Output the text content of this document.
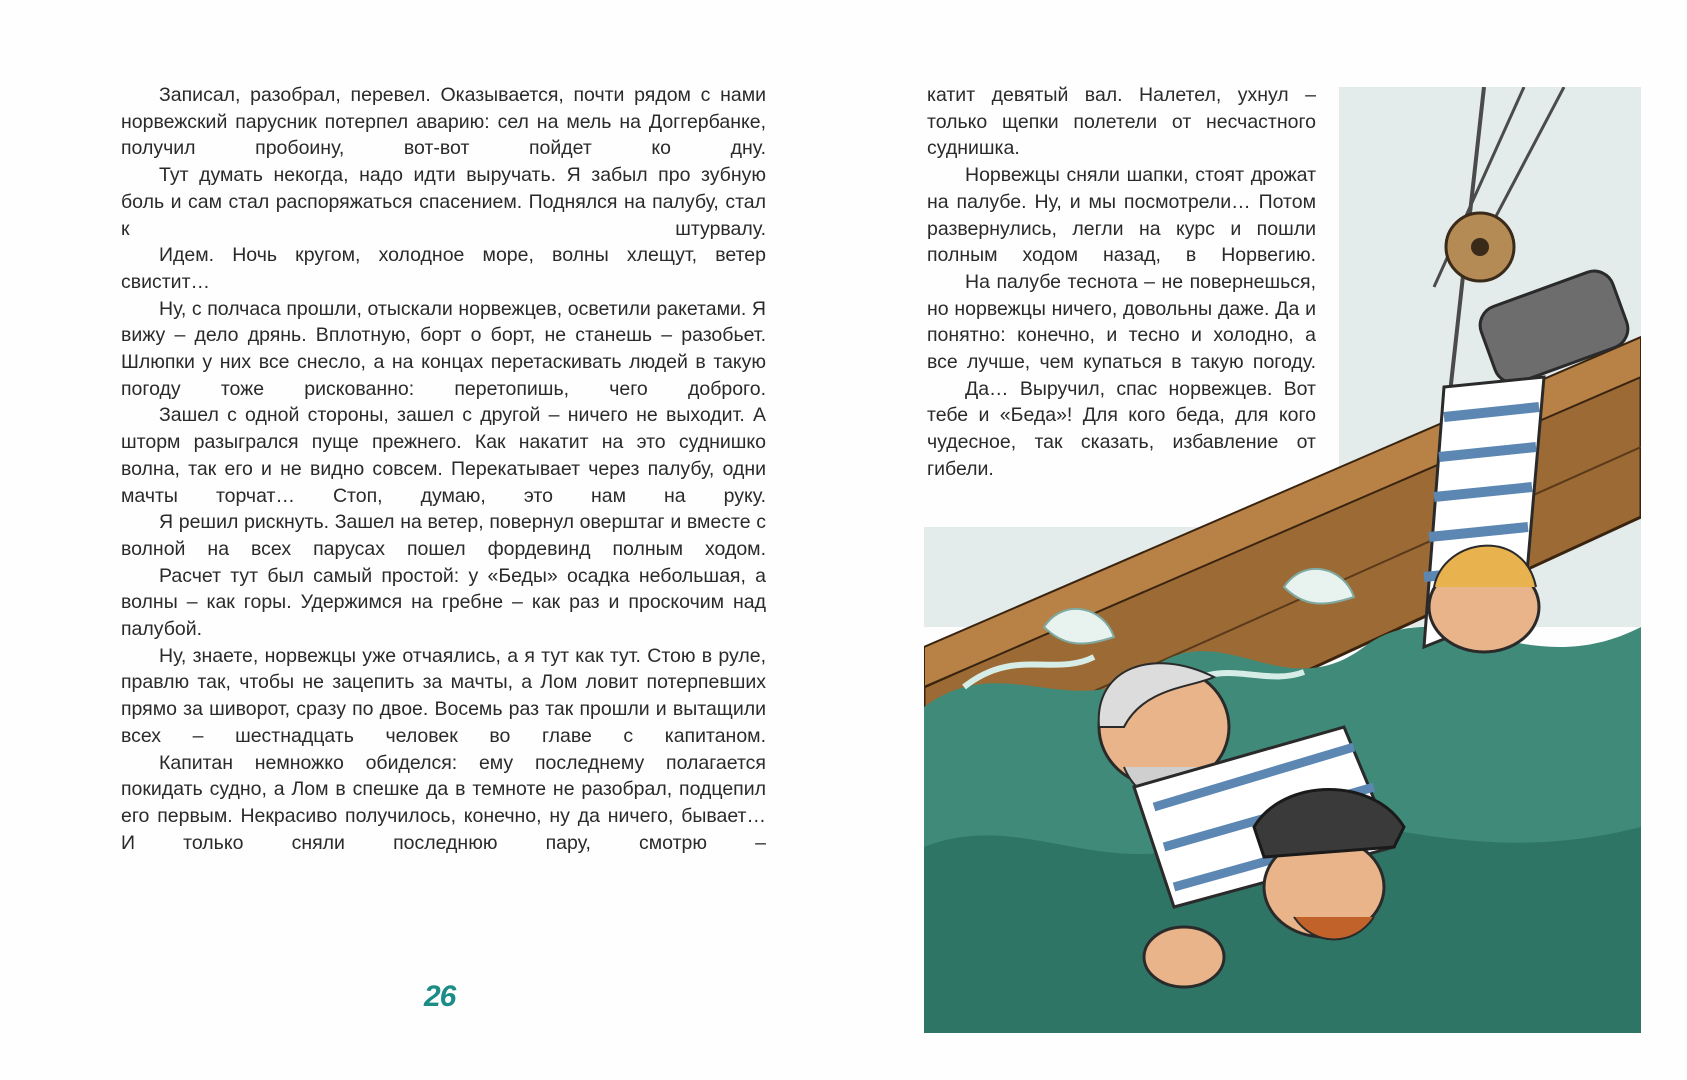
Записал, разобрал, перевел. Оказывается, почти рядом с нами норвежский парусник потерпел аварию: сел на мель на Доггербанке, получил пробоину, вот-вот пойдет ко дну.

Тут думать некогда, надо идти выручать. Я забыл про зубную боль и сам стал распоряжаться спасением. Поднялся на палубу, стал к штурвалу.

Идем. Ночь кругом, холодное море, волны хлещут, ветер свистит…

Ну, с полчаса прошли, отыскали норвежцев, осветили ракетами. Я вижу – дело дрянь. Вплотную, борт о борт, не станешь – разобьет. Шлюпки у них все снесло, а на концах перетаскивать людей в такую погоду тоже рискованно: перетопишь, чего доброго.

Зашел с одной стороны, зашел с другой – ничего не выходит. А шторм разыгрался пуще прежнего. Как накатит на это суднишко волна, так его и не видно совсем. Перекатывает через палубу, одни мачты торчат… Стоп, думаю, это нам на руку.

Я решил рискнуть. Зашел на ветер, повернул оверштаг и вместе с волной на всех парусах пошел фордевинд полным ходом.

Расчет тут был самый простой: у «Беды» осадка небольшая, а волны – как горы. Удержимся на гребне – как раз и проскочим над палубой.

Ну, знаете, норвежцы уже отчаялись, а я тут как тут. Стою в руле, правлю так, чтобы не зацепить за мачты, а Лом ловит потерпевших прямо за шиворот, сразу по двое. Восемь раз так прошли и вытащили всех – шестнадцать человек во главе с капитаном.

Капитан немножко обиделся: ему последнему полагается покидать судно, а Лом в спешке да в темноте не разобрал, подцепил его первым. Некрасиво получилось, конечно, ну да ничего, бывает… И только сняли последнюю пару, смотрю –

26

катит девятый вал. Налетел, ухнул – только щепки полетели от несчастного суднишка.

Норвежцы сняли шапки, стоят дрожат на палубе. Ну, и мы посмотрели… Потом развернулись, легли на курс и пошли полным ходом назад, в Норвегию.

На палубе теснота – не повернешься, но норвежцы ничего, довольны даже. Да и понятно: конечно, и тесно и холодно, а все лучше, чем купаться в такую погоду.

Да… Выручил, спас норвежцев. Вот тебе и «Беда»! Для кого беда, для кого чудесное, так сказать, избавление от гибели.
